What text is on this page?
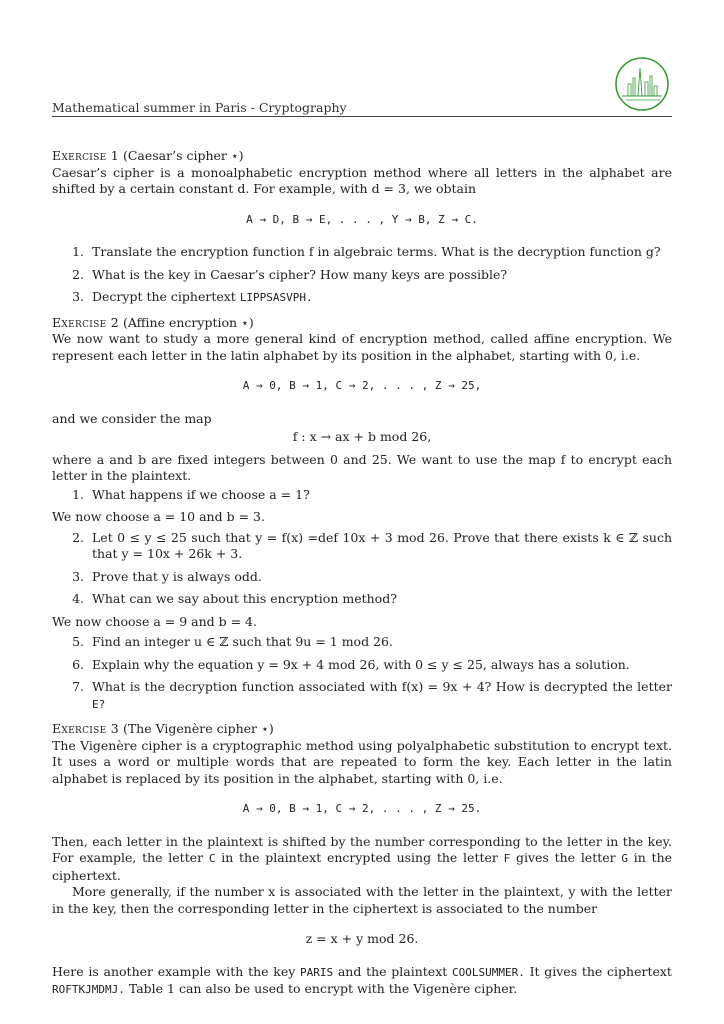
Mathematical summer in Paris - Cryptography
Exercise 1 (Caesar’s cipher ⋆)

Caesar’s cipher is a monoalphabetic encryption method where all letters in the alphabet are shifted by a certain constant d. For example, with d = 3, we obtain

A → D, B → E, . . . , Y → B, Z → C.
1. Translate the encryption function f in algebraic terms. What is the decryption function g?
2. What is the key in Caesar’s cipher? How many keys are possible?
3. Decrypt the ciphertext LIPPSASVPH.
Exercise 2 (Affine encryption ⋆)

We now want to study a more general kind of encryption method, called affine encryption. We represent each letter in the latin alphabet by its position in the alphabet, starting with 0, i.e.

A → 0, B → 1, C → 2, . . . , Z → 25,

and we consider the map

f : x → ax + b mod 26,

where a and b are fixed integers between 0 and 25. We want to use the map f to encrypt each letter in the plaintext.

1. What happens if we choose a = 1?

We now choose a = 10 and b = 3.

2. Let 0 ≤ y ≤ 25 such that y = f(x) =def 10x + 3 mod 26. Prove that there exists k ∈ ℤ such that y = 10x + 26k + 3.
3. Prove that y is always odd.
4. What can we say about this encryption method?

We now choose a = 9 and b = 4.

5. Find an integer u ∈ ℤ such that 9u = 1 mod 26.
6. Explain why the equation y = 9x + 4 mod 26, with 0 ≤ y ≤ 25, always has a solution.
7. What is the decryption function associated with f(x) = 9x + 4? How is decrypted the letter E?
Exercise 3 (The Vigenère cipher ⋆)

The Vigenère cipher is a cryptographic method using polyalphabetic substitution to encrypt text. It uses a word or multiple words that are repeated to form the key. Each letter in the latin alphabet is replaced by its position in the alphabet, starting with 0, i.e.

A → 0, B → 1, C → 2, . . . , Z → 25.

Then, each letter in the plaintext is shifted by the number corresponding to the letter in the key. For example, the letter C in the plaintext encrypted using the letter F gives the letter G in the ciphertext.

More generally, if the number x is associated with the letter in the plaintext, y with the letter in the key, then the corresponding letter in the ciphertext is associated to the number

z = x + y mod 26.

Here is another example with the key PARIS and the plaintext COOLSUMMER. It gives the ciphertext ROFTKJMDMJ. Table 1 can also be used to encrypt with the Vigenère cipher.
